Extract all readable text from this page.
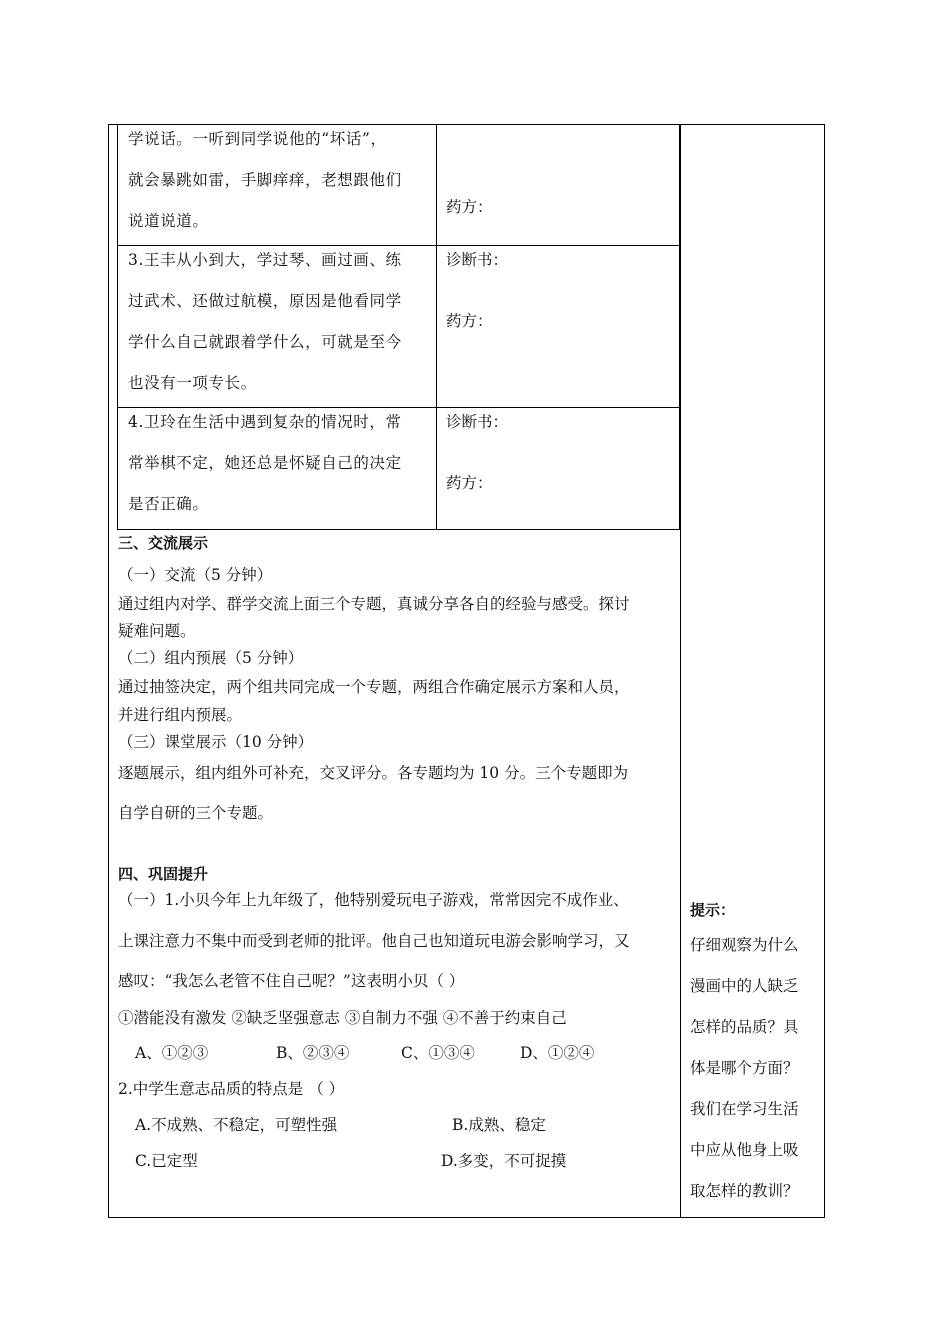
学说话。一听到同学说他的“坏话”，
就会暴跳如雷，手脚痒痒，老想跟他们
说道说道。
药方：
3.王丰从小到大，学过琴、画过画、练
过武术、还做过航模，原因是他看同学
学什么自己就跟着学什么，可就是至今
也没有一项专长。
诊断书：
药方：
4.卫玲在生活中遇到复杂的情况时，常
常举棋不定，她还总是怀疑自己的决定
是否正确。
诊断书：
药方：
三、交流展示
（一）交流（5 分钟）
通过组内对学、群学交流上面三个专题，真诚分享各自的经验与感受。探讨
疑难问题。
（二）组内预展（5 分钟）
通过抽签决定，两个组共同完成一个专题，两组合作确定展示方案和人员，
并进行组内预展。
（三）课堂展示（10 分钟）
逐题展示，组内组外可补充，交叉评分。各专题均为 10 分。三个专题即为
自学自研的三个专题。
四、巩固提升
（一）1.小贝今年上九年级了，他特别爱玩电子游戏，常常因完不成作业、
上课注意力不集中而受到老师的批评。他自己也知道玩电游会影响学习，又
感叹：“我怎么老管不住自己呢？”这表明小贝（ ）
①潜能没有激发 ②缺乏坚强意志 ③自制力不强 ④不善于约束自己
A、①②③	B、②③④	C、①③④	D、①②④
2.中学生意志品质的特点是 （ ）
A.不成熟、不稳定，可塑性强	B.成熟、稳定
C.已定型	D.多变，不可捉摸
提示：
仔细观察为什么
漫画中的人缺乏
怎样的品质？具
体是哪个方面？
我们在学习生活
中应从他身上吸
取怎样的教训？
